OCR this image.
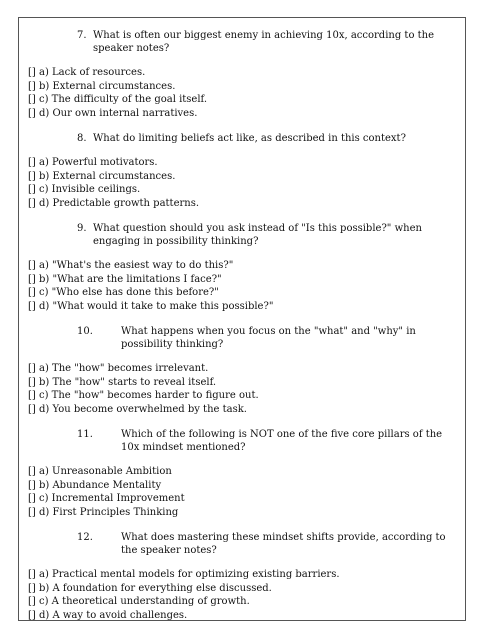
7. What is often our biggest enemy in achieving 10x, according to the speaker notes?
[] a) Lack of resources.
[] b) External circumstances.
[] c) The difficulty of the goal itself.
[] d) Our own internal narratives.
8. What do limiting beliefs act like, as described in this context?
[] a) Powerful motivators.
[] b) External circumstances.
[] c) Invisible ceilings.
[] d) Predictable growth patterns.
9. What question should you ask instead of "Is this possible?" when engaging in possibility thinking?
[] a) "What's the easiest way to do this?"
[] b) "What are the limitations I face?"
[] c) "Who else has done this before?"
[] d) "What would it take to make this possible?"
10.	What happens when you focus on the "what" and "why" in possibility thinking?
[] a) The "how" becomes irrelevant.
[] b) The "how" starts to reveal itself.
[] c) The "how" becomes harder to figure out.
[] d) You become overwhelmed by the task.
11.	Which of the following is NOT one of the five core pillars of the 10x mindset mentioned?
[] a) Unreasonable Ambition
[] b) Abundance Mentality
[] c) Incremental Improvement
[] d) First Principles Thinking
12.	What does mastering these mindset shifts provide, according to the speaker notes?
[] a) Practical mental models for optimizing existing barriers.
[] b) A foundation for everything else discussed.
[] c) A theoretical understanding of growth.
[] d) A way to avoid challenges.
